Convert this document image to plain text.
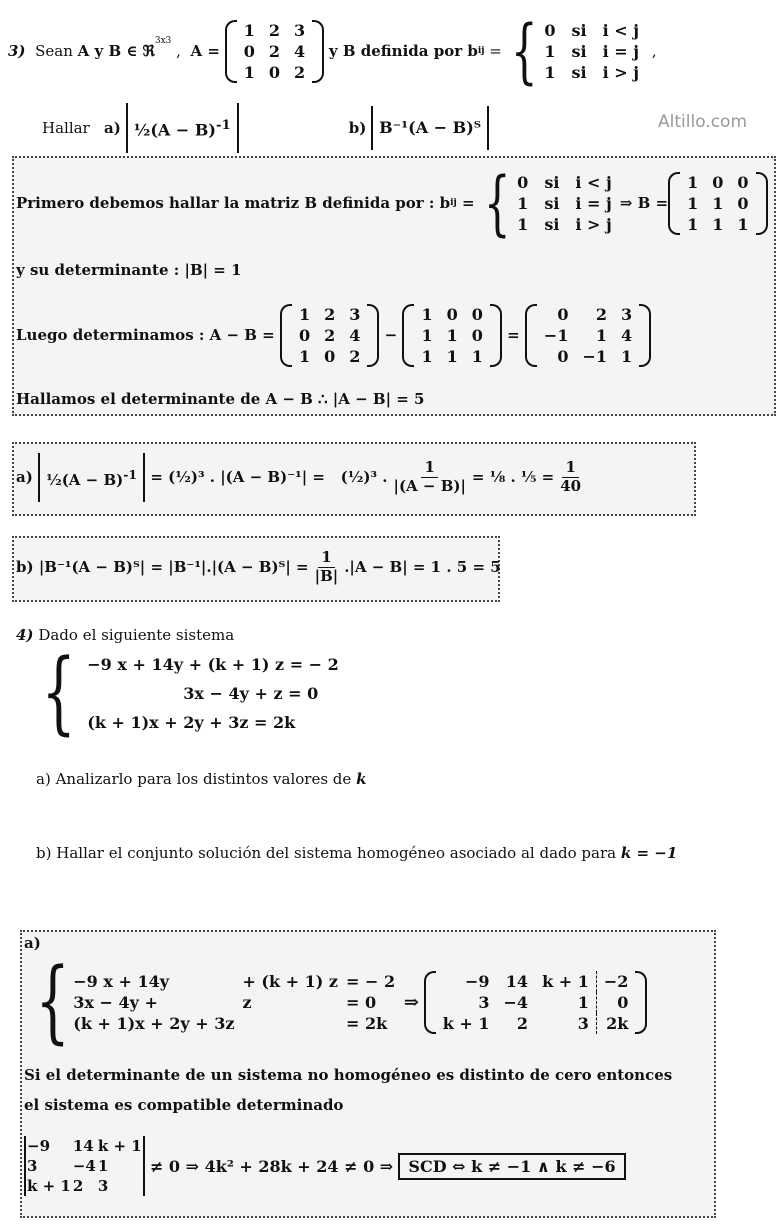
Altillo.com
3)
Sean
A y B ∈ ℜ
$^{3x3}$
, A =

1	2	3
0	2	4
1	0	2

y B definida por b ij = { 0	si	i < j
1	si	i = j
1	si	i > j
,
Hallar
a)
½(A − B)$^{-1}$	b)
B⁻¹(A − B)ᵀ
Primero debemos hallar la matriz B definida por : b ij = { 0	si	i < j
1	si	i = j
1	si	i > j
⇒ B =
1	0	0
1	1	0
1	1	1
y su determinante :
|B| = 1
Luego determinamos : A − B =

1	2	3
0	2	4
1	0	2

−

1	0	0
1	1	0
1	1	1

=

0	2	3
−1	1	4
0	−1	1
Hallamos el determinante de A − B ∴ |A − B| = 5
a)
½(A − B)$^{-1}$
= (½)³ . |(A − B)⁻¹| =
(½)³ . $\frac{1}{|(A - B)|}$ = ⅛ . ⅕ = $\frac{1}{40}$
b)
|B⁻¹(A − B)ᵀ| = |B⁻¹|.|(A − B)ᵀ| = $\frac{1}{|B|} .|A - B| = 1$ . 5 = 5
4)
Dado el siguiente sistema
{ −9 x + 14y + (k + 1) z = − 2
3x − 4y + z = 0
(k + 1)x + 2y + 3z = 2k
a)
Analizarlo para los distintos valores de
k
b)
Hallar el conjunto solución del sistema homogéneo asociado al dado para
k = −1
a)
{ −9 x + 14y	+ (k + 1) z	= − 2
3x − 4y +	z	= 0
(k + 1)x + 2y + 3z		= 2k

⇒

−9	14	k + 1	−2
3	−4	1	0
k + 1	2	3	2k
Si el determinante de un sistema no homogéneo es distinto de cero entonces
el sistema es compatible determinado
−9	14	k + 1
3	−4	1
k + 1	2	3

≠ 0 ⇒ 4k² + 28k + 24 ≠ 0 ⇒
SCD ⇔ k ≠ −1 ∧ k ≠ −6
